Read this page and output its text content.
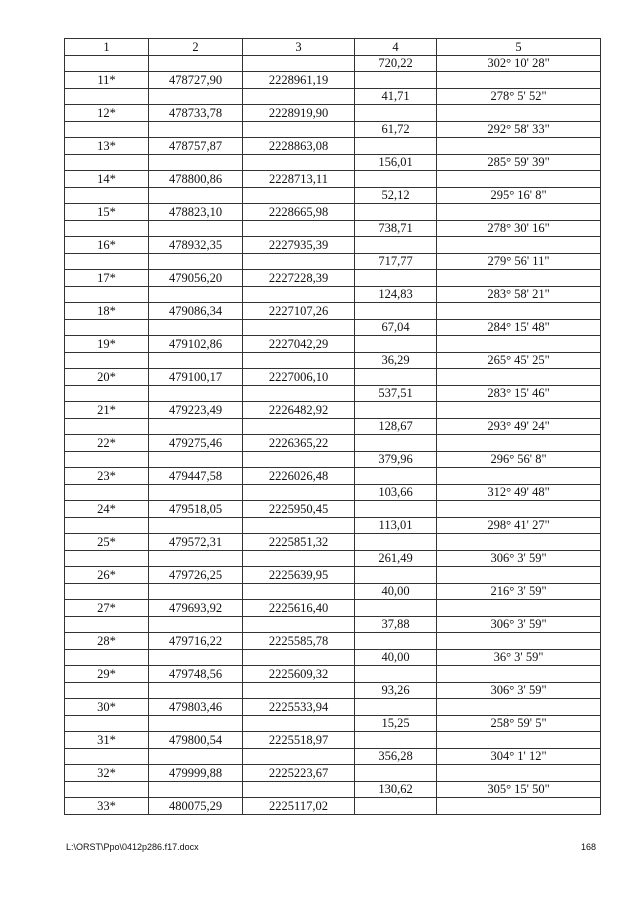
1	2	3	4	5
			720,22	302° 10' 28"
11*	478727,90	2228961,19		
			41,71	278° 5' 52"
12*	478733,78	2228919,90		
			61,72	292° 58' 33"
13*	478757,87	2228863,08		
			156,01	285° 59' 39"
14*	478800,86	2228713,11		
			52,12	295° 16' 8"
15*	478823,10	2228665,98		
			738,71	278° 30' 16"
16*	478932,35	2227935,39		
			717,77	279° 56' 11"
17*	479056,20	2227228,39		
			124,83	283° 58' 21"
18*	479086,34	2227107,26		
			67,04	284° 15' 48"
19*	479102,86	2227042,29		
			36,29	265° 45' 25"
20*	479100,17	2227006,10		
			537,51	283° 15' 46"
21*	479223,49	2226482,92		
			128,67	293° 49' 24"
22*	479275,46	2226365,22		
			379,96	296° 56' 8"
23*	479447,58	2226026,48		
			103,66	312° 49' 48"
24*	479518,05	2225950,45		
			113,01	298° 41' 27"
25*	479572,31	2225851,32		
			261,49	306° 3' 59"
26*	479726,25	2225639,95		
			40,00	216° 3' 59"
27*	479693,92	2225616,40		
			37,88	306° 3' 59"
28*	479716,22	2225585,78		
			40,00	36° 3' 59"
29*	479748,56	2225609,32		
			93,26	306° 3' 59"
30*	479803,46	2225533,94		
			15,25	258° 59' 5"
31*	479800,54	2225518,97		
			356,28	304° 1' 12"
32*	479999,88	2225223,67		
			130,62	305° 15' 50"
33*	480075,29	2225117,02		
L:\ORST\Ppo\0412p286.f17.docx	168
